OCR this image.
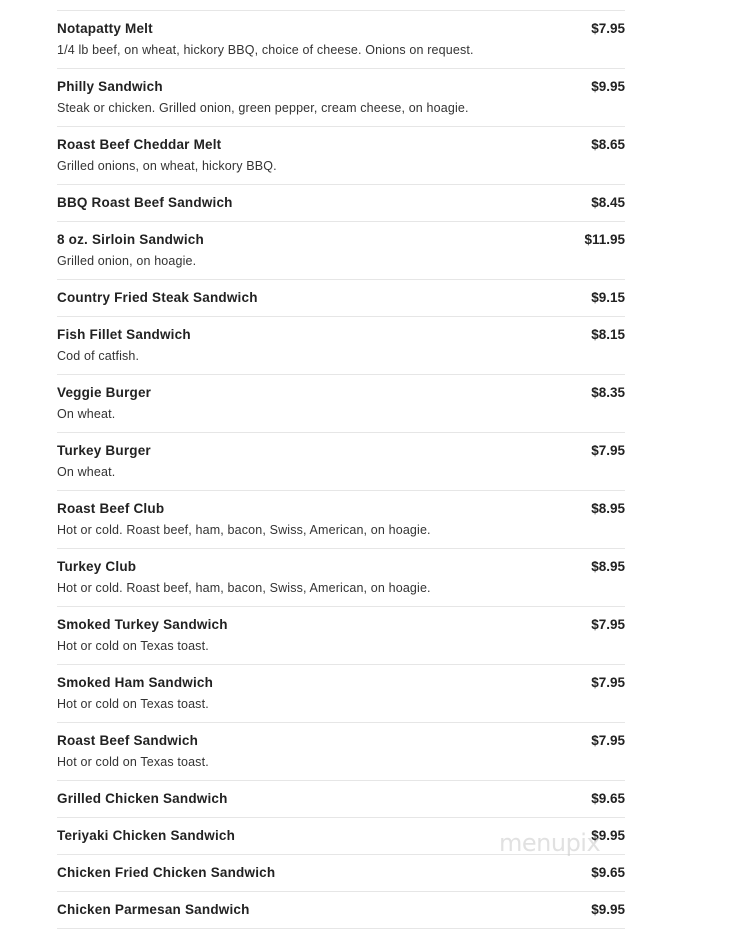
Notapatty Melt	$7.95
1/4 lb beef, on wheat, hickory BBQ, choice of cheese. Onions on request.
Philly Sandwich	$9.95
Steak or chicken. Grilled onion, green pepper, cream cheese, on hoagie.
Roast Beef Cheddar Melt	$8.65
Grilled onions, on wheat, hickory BBQ.
BBQ Roast Beef Sandwich	$8.45
8 oz. Sirloin Sandwich	$11.95
Grilled onion, on hoagie.
Country Fried Steak Sandwich	$9.15
Fish Fillet Sandwich	$8.15
Cod of catfish.
Veggie Burger	$8.35
On wheat.
Turkey Burger	$7.95
On wheat.
Roast Beef Club	$8.95
Hot or cold. Roast beef, ham, bacon, Swiss, American, on hoagie.
Turkey Club	$8.95
Hot or cold. Roast beef, ham, bacon, Swiss, American, on hoagie.
Smoked Turkey Sandwich	$7.95
Hot or cold on Texas toast.
Smoked Ham Sandwich	$7.95
Hot or cold on Texas toast.
Roast Beef Sandwich	$7.95
Hot or cold on Texas toast.
Grilled Chicken Sandwich	$9.65
Teriyaki Chicken Sandwich	$9.95
Chicken Fried Chicken Sandwich	$9.65
Chicken Parmesan Sandwich	$9.95
menupix
